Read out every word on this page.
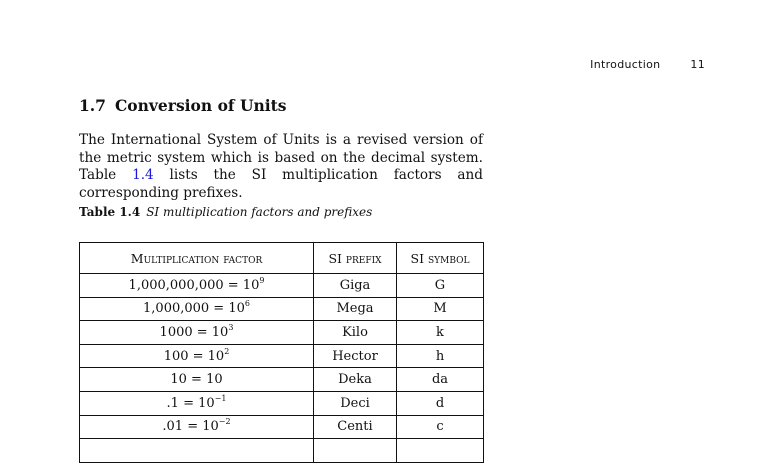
Introduction	11
1.7 Conversion of Units

The International System of Units is a revised version of the metric system which is based on the decimal system. Table 1.4 lists the SI multiplication factors and corresponding prefixes.

Table 1.4 SI multiplication factors and prefixes
Multiplication factor	SI prefix	SI symbol
$1,000,000,000 = 10^9$	Giga	G
$1,000,000 = 10^6$	Mega	M
$1000 = 10^3$	Kilo	k
$100 = 10^2$	Hector	h
10 = 10	Deka	da
$.1 = 10^{-1}$	Deci	d
$.01 = 10^{-2}$	Centi	c
